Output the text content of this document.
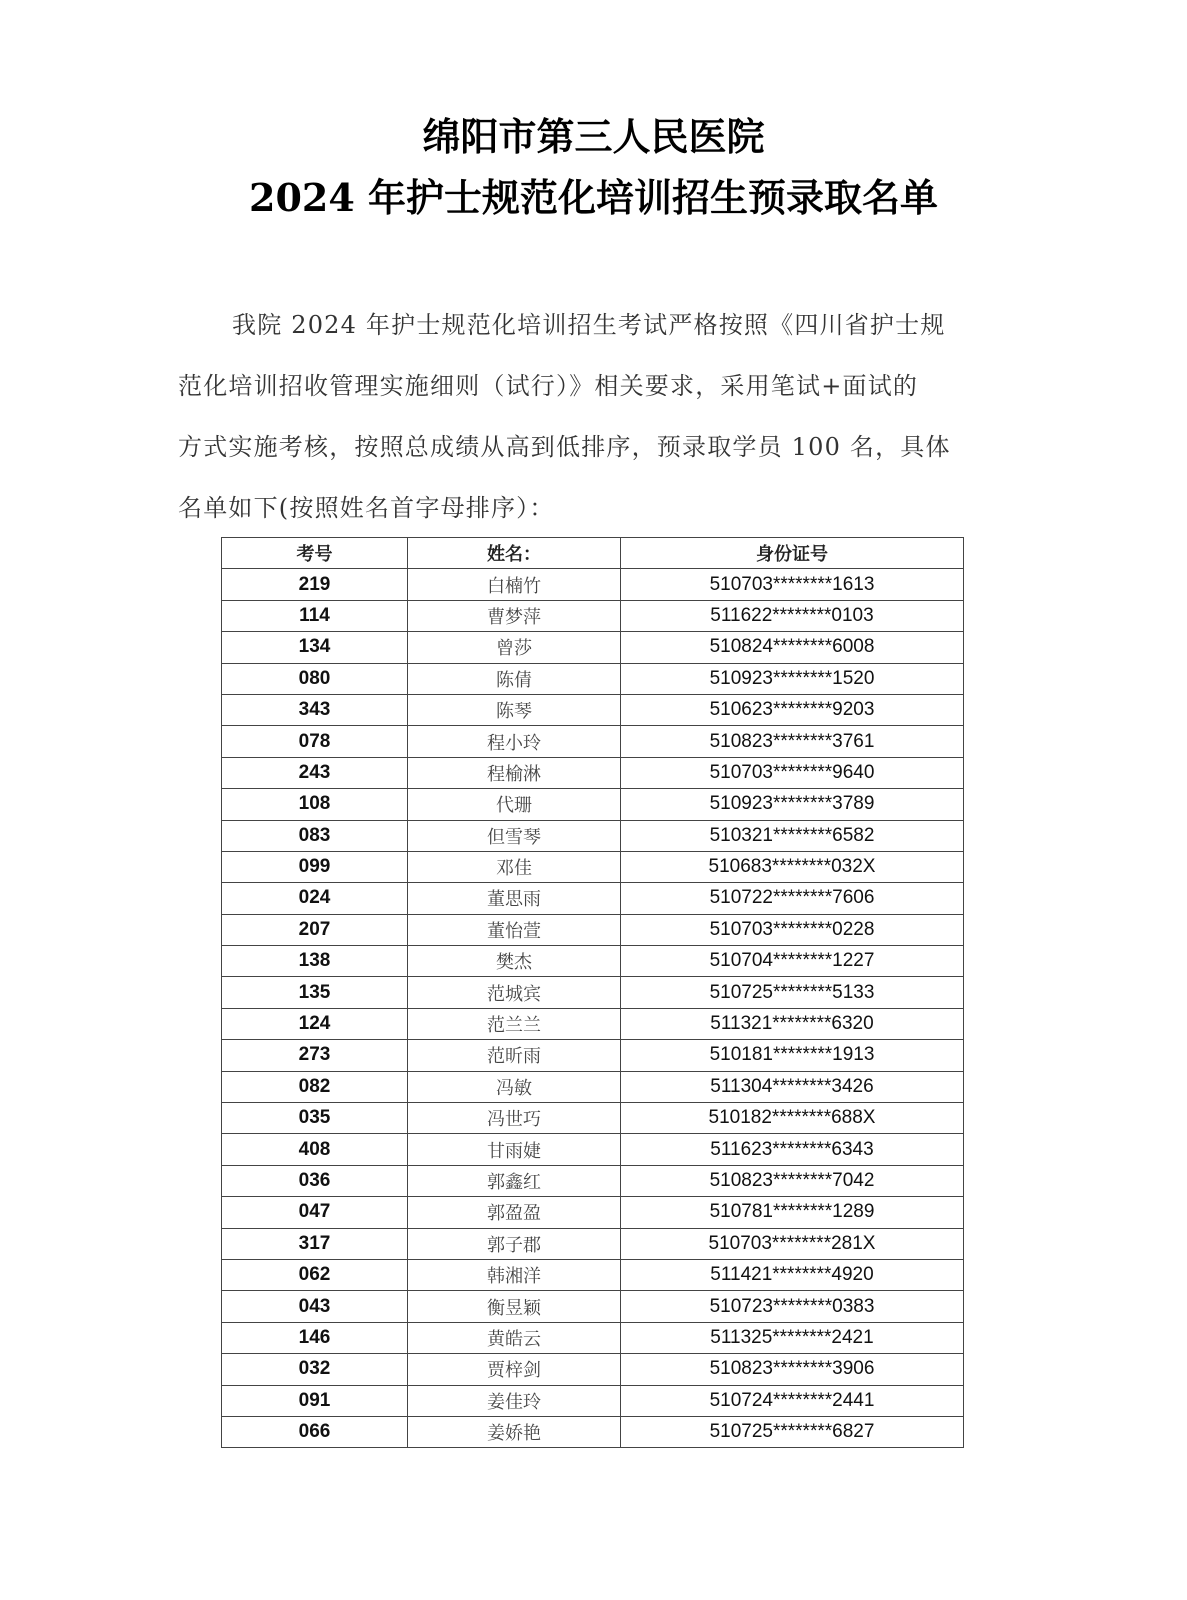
绵阳市第三人民医院
2024 年护士规范化培训招生预录取名单
我院 2024 年护士规范化培训招生考试严格按照《四川省护士规
范化培训招收管理实施细则（试行）》相关要求，采用笔试+面试的
方式实施考核，按照总成绩从高到低排序，预录取学员 100 名，具体
名单如下(按照姓名首字母排序）：
考号	姓名：	身份证号
219	白楠竹	510703********1613
114	曹梦萍	511622********0103
134	曾莎	510824********6008
080	陈倩	510923********1520
343	陈琴	510623********9203
078	程小玲	510823********3761
243	程榆淋	510703********9640
108	代珊	510923********3789
083	但雪琴	510321********6582
099	邓佳	510683********032X
024	董思雨	510722********7606
207	董怡萱	510703********0228
138	樊杰	510704********1227
135	范城宾	510725********5133
124	范兰兰	511321********6320
273	范昕雨	510181********1913
082	冯敏	511304********3426
035	冯世巧	510182********688X
408	甘雨婕	511623********6343
036	郭鑫红	510823********7042
047	郭盈盈	510781********1289
317	郭子郡	510703********281X
062	韩湘洋	511421********4920
043	衡昱颖	510723********0383
146	黄皓云	511325********2421
032	贾梓剑	510823********3906
091	姜佳玲	510724********2441
066	姜娇艳	510725********6827
